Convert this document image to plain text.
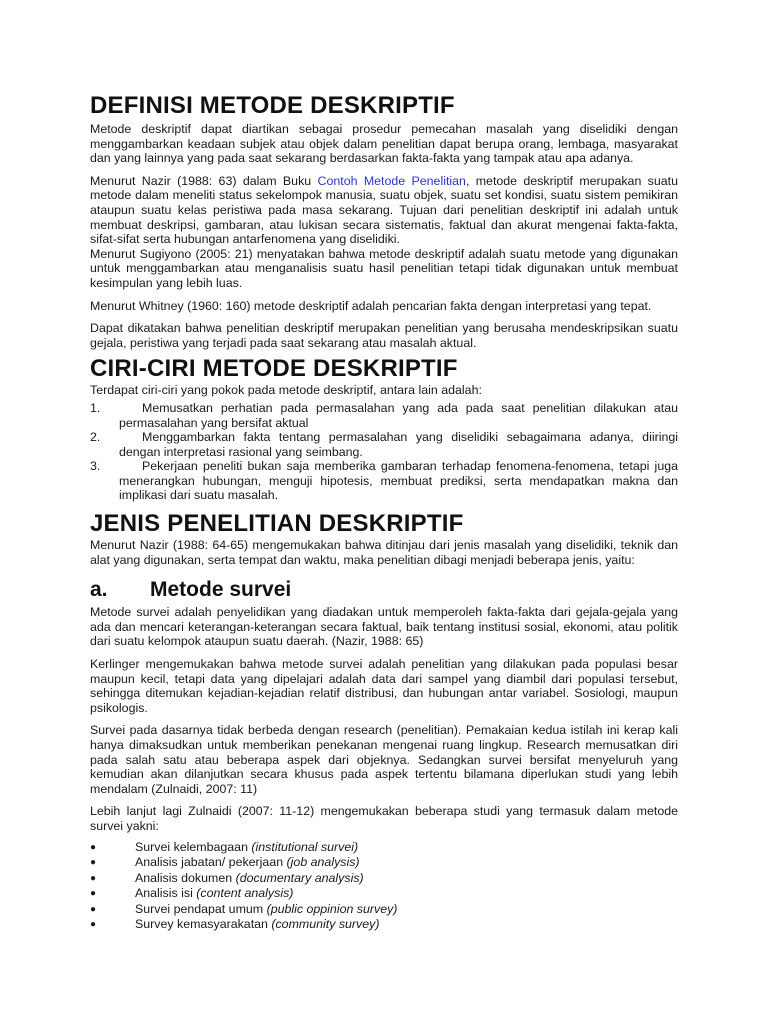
DEFINISI METODE DESKRIPTIF

Metode deskriptif dapat diartikan sebagai prosedur pemecahan masalah yang diselidiki dengan menggambarkan keadaan subjek atau objek dalam penelitian dapat berupa orang, lembaga, masyarakat dan yang lainnya yang pada saat sekarang berdasarkan fakta-fakta yang tampak atau apa adanya.

Menurut Nazir (1988: 63) dalam Buku Contoh Metode Penelitian, metode deskriptif merupakan suatu metode dalam meneliti status sekelompok manusia, suatu objek, suatu set kondisi, suatu sistem pemikiran ataupun suatu kelas peristiwa pada masa sekarang. Tujuan dari penelitian deskriptif ini adalah untuk membuat deskripsi, gambaran, atau lukisan secara sistematis, faktual dan akurat mengenai fakta-fakta, sifat-sifat serta hubungan antarfenomena yang diselidiki.

Menurut Sugiyono (2005: 21) menyatakan bahwa metode deskriptif adalah suatu metode yang digunakan untuk menggambarkan atau menganalisis suatu hasil penelitian tetapi tidak digunakan untuk membuat kesimpulan yang lebih luas.

Menurut Whitney (1960: 160) metode deskriptif adalah pencarian fakta dengan interpretasi yang tepat.

Dapat dikatakan bahwa penelitian deskriptif merupakan penelitian yang berusaha mendeskripsikan suatu gejala, peristiwa yang terjadi pada saat sekarang atau masalah aktual.

CIRI-CIRI METODE DESKRIPTIF

Terdapat ciri-ciri yang pokok pada metode deskriptif, antara lain adalah:

1.	Memusatkan perhatian pada permasalahan yang ada pada saat penelitian dilakukan atau permasalahan yang bersifat aktual
2.	Menggambarkan fakta tentang permasalahan yang diselidiki sebagaimana adanya, diiringi dengan interpretasi rasional yang seimbang.
3.	Pekerjaan peneliti bukan saja memberika gambaran terhadap fenomena-fenomena, tetapi juga menerangkan hubungan, menguji hipotesis, membuat prediksi, serta mendapatkan makna dan implikasi dari suatu masalah.
JENIS PENELITIAN DESKRIPTIF

Menurut Nazir (1988: 64-65) mengemukakan bahwa ditinjau dari jenis masalah yang diselidiki, teknik dan alat yang digunakan, serta tempat dan waktu, maka penelitian dibagi menjadi beberapa jenis, yaitu:

a.	Metode survei

Metode survei adalah penyelidikan yang diadakan untuk memperoleh fakta-fakta dari gejala-gejala yang ada dan mencari keterangan-keterangan secara faktual, baik tentang institusi sosial, ekonomi, atau politik dari suatu kelompok ataupun suatu daerah. (Nazir, 1988: 65)

Kerlinger mengemukakan bahwa metode survei adalah penelitian yang dilakukan pada populasi besar maupun kecil, tetapi data yang dipelajari adalah data dari sampel yang diambil dari populasi tersebut, sehingga ditemukan kejadian-kejadian relatif distribusi, dan hubungan antar variabel. Sosiologi, maupun psikologis.

Survei pada dasarnya tidak berbeda dengan research (penelitian). Pemakaian kedua istilah ini kerap kali hanya dimaksudkan untuk memberikan penekanan mengenai ruang lingkup. Research memusatkan diri pada salah satu atau beberapa aspek dari objeknya. Sedangkan survei bersifat menyeluruh yang kemudian akan dilanjutkan secara khusus pada aspek tertentu bilamana diperlukan studi yang lebih mendalam (Zulnaidi, 2007: 11)

Lebih lanjut lagi Zulnaidi (2007: 11-12) mengemukakan beberapa studi yang termasuk dalam metode survei yakni:

●	Survei kelembagaan (institutional survei)
●	Analisis jabatan/ pekerjaan (job analysis)
●	Analisis dokumen (documentary analysis)
●	Analisis isi (content analysis)
●	Survei pendapat umum (public oppinion survey)
●	Survey kemasyarakatan (community survey)
